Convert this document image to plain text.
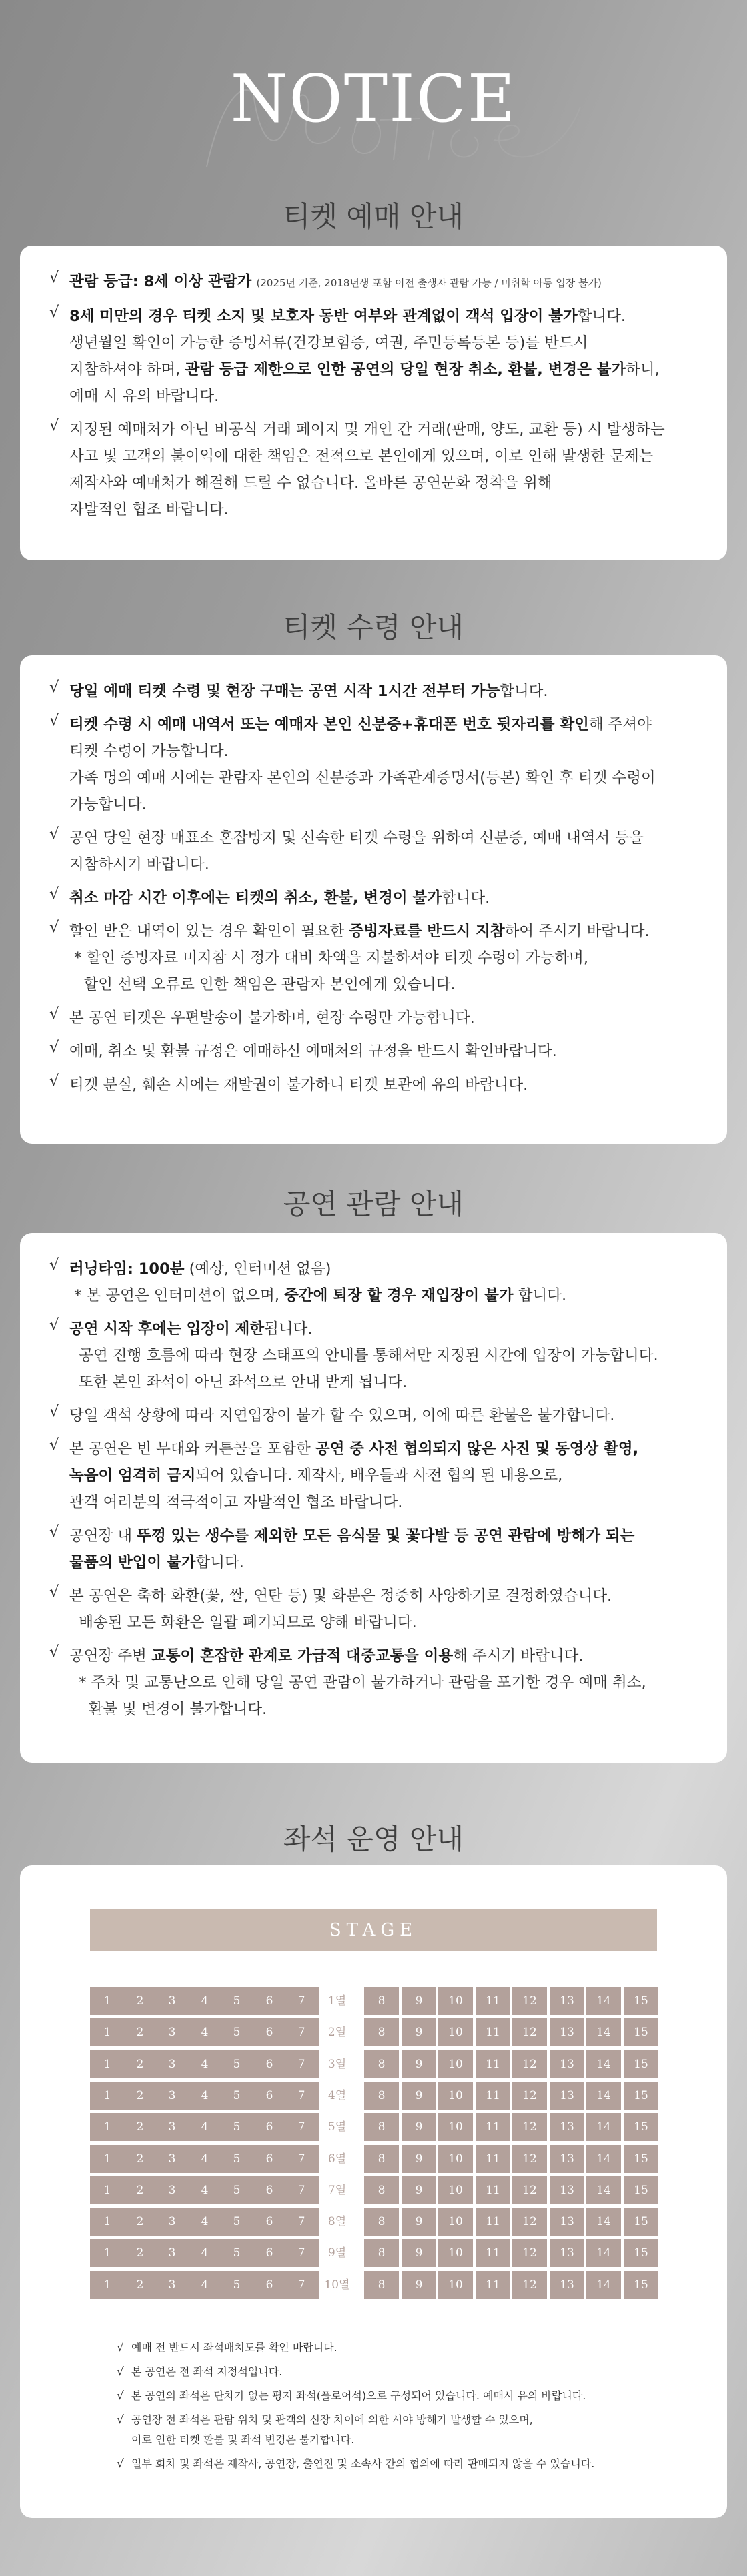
NOTICE
티켓 예매 안내
√ 관람 등급: 8세 이상 관람가 (2025년 기준, 2018년생 포함 이전 출생자 관람 가능 / 미취학 아동 입장 불가)
√ 8세 미만의 경우 티켓 소지 및 보호자 동반 여부와 관계없이 객석 입장이 불가합니다.
생년월일 확인이 가능한 증빙서류(건강보험증, 여권, 주민등록등본 등)를 반드시
지참하셔야 하며, 관람 등급 제한으로 인한 공연의 당일 현장 취소, 환불, 변경은 불가하니,
예매 시 유의 바랍니다.
√ 지정된 예매처가 아닌 비공식 거래 페이지 및 개인 간 거래(판매, 양도, 교환 등) 시 발생하는
사고 및 고객의 불이익에 대한 책임은 전적으로 본인에게 있으며, 이로 인해 발생한 문제는
제작사와 예매처가 해결해 드릴 수 없습니다. 올바른 공연문화 정착을 위해
자발적인 협조 바랍니다.
티켓 수령 안내
√ 당일 예매 티켓 수령 및 현장 구매는 공연 시작 1시간 전부터 가능합니다.
√ 티켓 수령 시 예매 내역서 또는 예매자 본인 신분증+휴대폰 번호 뒷자리를 확인해 주셔야
티켓 수령이 가능합니다.
가족 명의 예매 시에는 관람자 본인의 신분증과 가족관계증명서(등본) 확인 후 티켓 수령이
가능합니다.
√ 공연 당일 현장 매표소 혼잡방지 및 신속한 티켓 수령을 위하여 신분증, 예매 내역서 등을
지참하시기 바랍니다.
√ 취소 마감 시간 이후에는 티켓의 취소, 환불, 변경이 불가합니다.
√ 할인 받은 내역이 있는 경우 확인이 필요한 증빙자료를 반드시 지참하여 주시기 바랍니다.
* 할인 증빙자료 미지참 시 정가 대비 차액을 지불하셔야 티켓 수령이 가능하며,
할인 선택 오류로 인한 책임은 관람자 본인에게 있습니다.
√ 본 공연 티켓은 우편발송이 불가하며, 현장 수령만 가능합니다.
√ 예매, 취소 및 환불 규정은 예매하신 예매처의 규정을 반드시 확인바랍니다.
√ 티켓 분실, 훼손 시에는 재발권이 불가하니 티켓 보관에 유의 바랍니다.
공연 관람 안내
√ 러닝타임: 100분 (예상, 인터미션 없음)
* 본 공연은 인터미션이 없으며, 중간에 퇴장 할 경우 재입장이 불가 합니다.
√ 공연 시작 후에는 입장이 제한됩니다.
공연 진행 흐름에 따라 현장 스태프의 안내를 통해서만 지정된 시간에 입장이 가능합니다.
또한 본인 좌석이 아닌 좌석으로 안내 받게 됩니다.
√ 당일 객석 상황에 따라 지연입장이 불가 할 수 있으며, 이에 따른 환불은 불가합니다.
√ 본 공연은 빈 무대와 커튼콜을 포함한 공연 중 사전 협의되지 않은 사진 및 동영상 촬영,
녹음이 엄격히 금지되어 있습니다. 제작사, 배우들과 사전 협의 된 내용으로,
관객 여러분의 적극적이고 자발적인 협조 바랍니다.
√ 공연장 내 뚜껑 있는 생수를 제외한 모든 음식물 및 꽃다발 등 공연 관람에 방해가 되는
물품의 반입이 불가합니다.
√ 본 공연은 축하 화환(꽃, 쌀, 연탄 등) 및 화분은 정중히 사양하기로 결정하였습니다.
배송된 모든 화환은 일괄 폐기되므로 양해 바랍니다.
√ 공연장 주변 교통이 혼잡한 관계로 가급적 대중교통을 이용해 주시기 바랍니다.
* 주차 및 교통난으로 인해 당일 공연 관람이 불가하거나 관람을 포기한 경우 예매 취소,
환불 및 변경이 불가합니다.
좌석 운영 안내
STAGE
1	2	3	4	5	6	7	1열	8	9	10	11	12	13	14	15
1	2	3	4	5	6	7	2열	8	9	10	11	12	13	14	15
1	2	3	4	5	6	7	3열	8	9	10	11	12	13	14	15
1	2	3	4	5	6	7	4열	8	9	10	11	12	13	14	15
1	2	3	4	5	6	7	5열	8	9	10	11	12	13	14	15
1	2	3	4	5	6	7	6열	8	9	10	11	12	13	14	15
1	2	3	4	5	6	7	7열	8	9	10	11	12	13	14	15
1	2	3	4	5	6	7	8열	8	9	10	11	12	13	14	15
1	2	3	4	5	6	7	9열	8	9	10	11	12	13	14	15
1	2	3	4	5	6	7	10열	8	9	10	11	12	13	14	15
√ 예매 전 반드시 좌석배치도를 확인 바랍니다.
√ 본 공연은 전 좌석 지정석입니다.
√ 본 공연의 좌석은 단차가 없는 평지 좌석(플로어석)으로 구성되어 있습니다. 예매시 유의 바랍니다.
√ 공연장 전 좌석은 관람 위치 및 관객의 신장 차이에 의한 시야 방해가 발생할 수 있으며,
이로 인한 티켓 환불 및 좌석 변경은 불가합니다.
√ 일부 회차 및 좌석은 제작사, 공연장, 출연진 및 소속사 간의 협의에 따라 판매되지 않을 수 있습니다.
